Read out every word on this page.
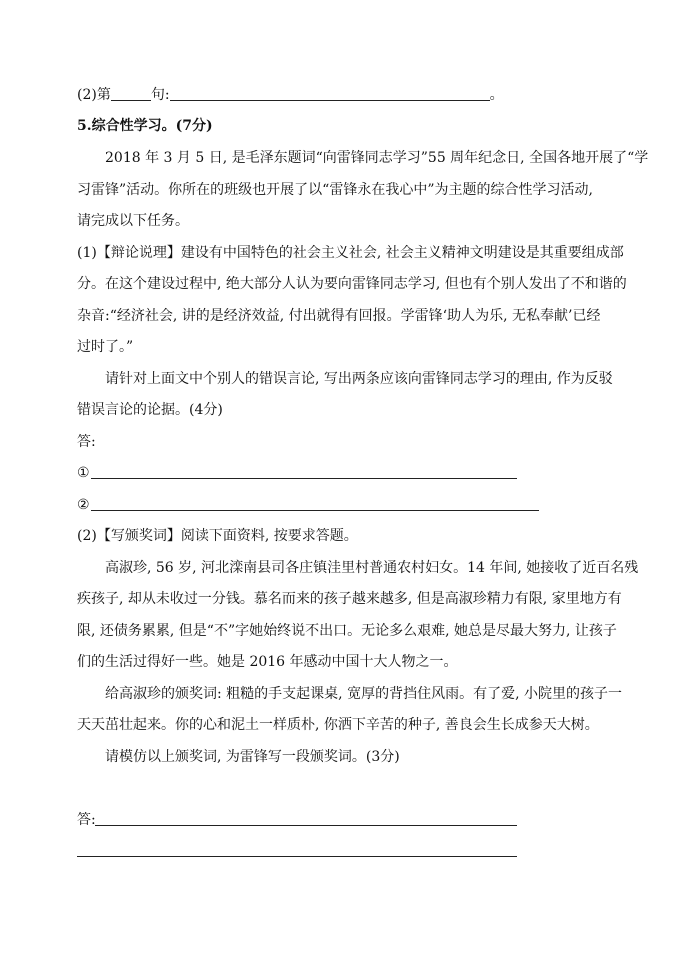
(2)第	句:	。
5.综合性学习。(7分)
2018 年 3 月 5 日, 是毛泽东题词“向雷锋同志学习”55 周年纪念日, 全国各地开展了“学
习雷锋”活动。你所在的班级也开展了以“雷锋永在我心中”为主题的综合性学习活动,
请完成以下任务。
(1)【辩论说理】建设有中国特色的社会主义社会, 社会主义精神文明建设是其重要组成部
分。在这个建设过程中, 绝大部分人认为要向雷锋同志学习, 但也有个别人发出了不和谐的
杂音:“经济社会, 讲的是经济效益, 付出就得有回报。学雷锋‘助人为乐, 无私奉献’已经
过时了。”
请针对上面文中个别人的错误言论, 写出两条应该向雷锋同志学习的理由, 作为反驳
错误言论的论据。(4分)
答:
①
②
(2)【写颁奖词】阅读下面资料, 按要求答题。
高淑珍, 56 岁, 河北滦南县司各庄镇洼里村普通农村妇女。14 年间, 她接收了近百名残
疾孩子, 却从未收过一分钱。慕名而来的孩子越来越多, 但是高淑珍精力有限, 家里地方有
限, 还债务累累, 但是“不”字她始终说不出口。无论多么艰难, 她总是尽最大努力, 让孩子
们的生活过得好一些。她是 2016 年感动中国十大人物之一。
给高淑珍的颁奖词: 粗糙的手支起课桌, 宽厚的背挡住风雨。有了爱, 小院里的孩子一
天天茁壮起来。你的心和泥土一样质朴, 你洒下辛苦的种子, 善良会生长成参天大树。
请模仿以上颁奖词, 为雷锋写一段颁奖词。(3分)
答:
